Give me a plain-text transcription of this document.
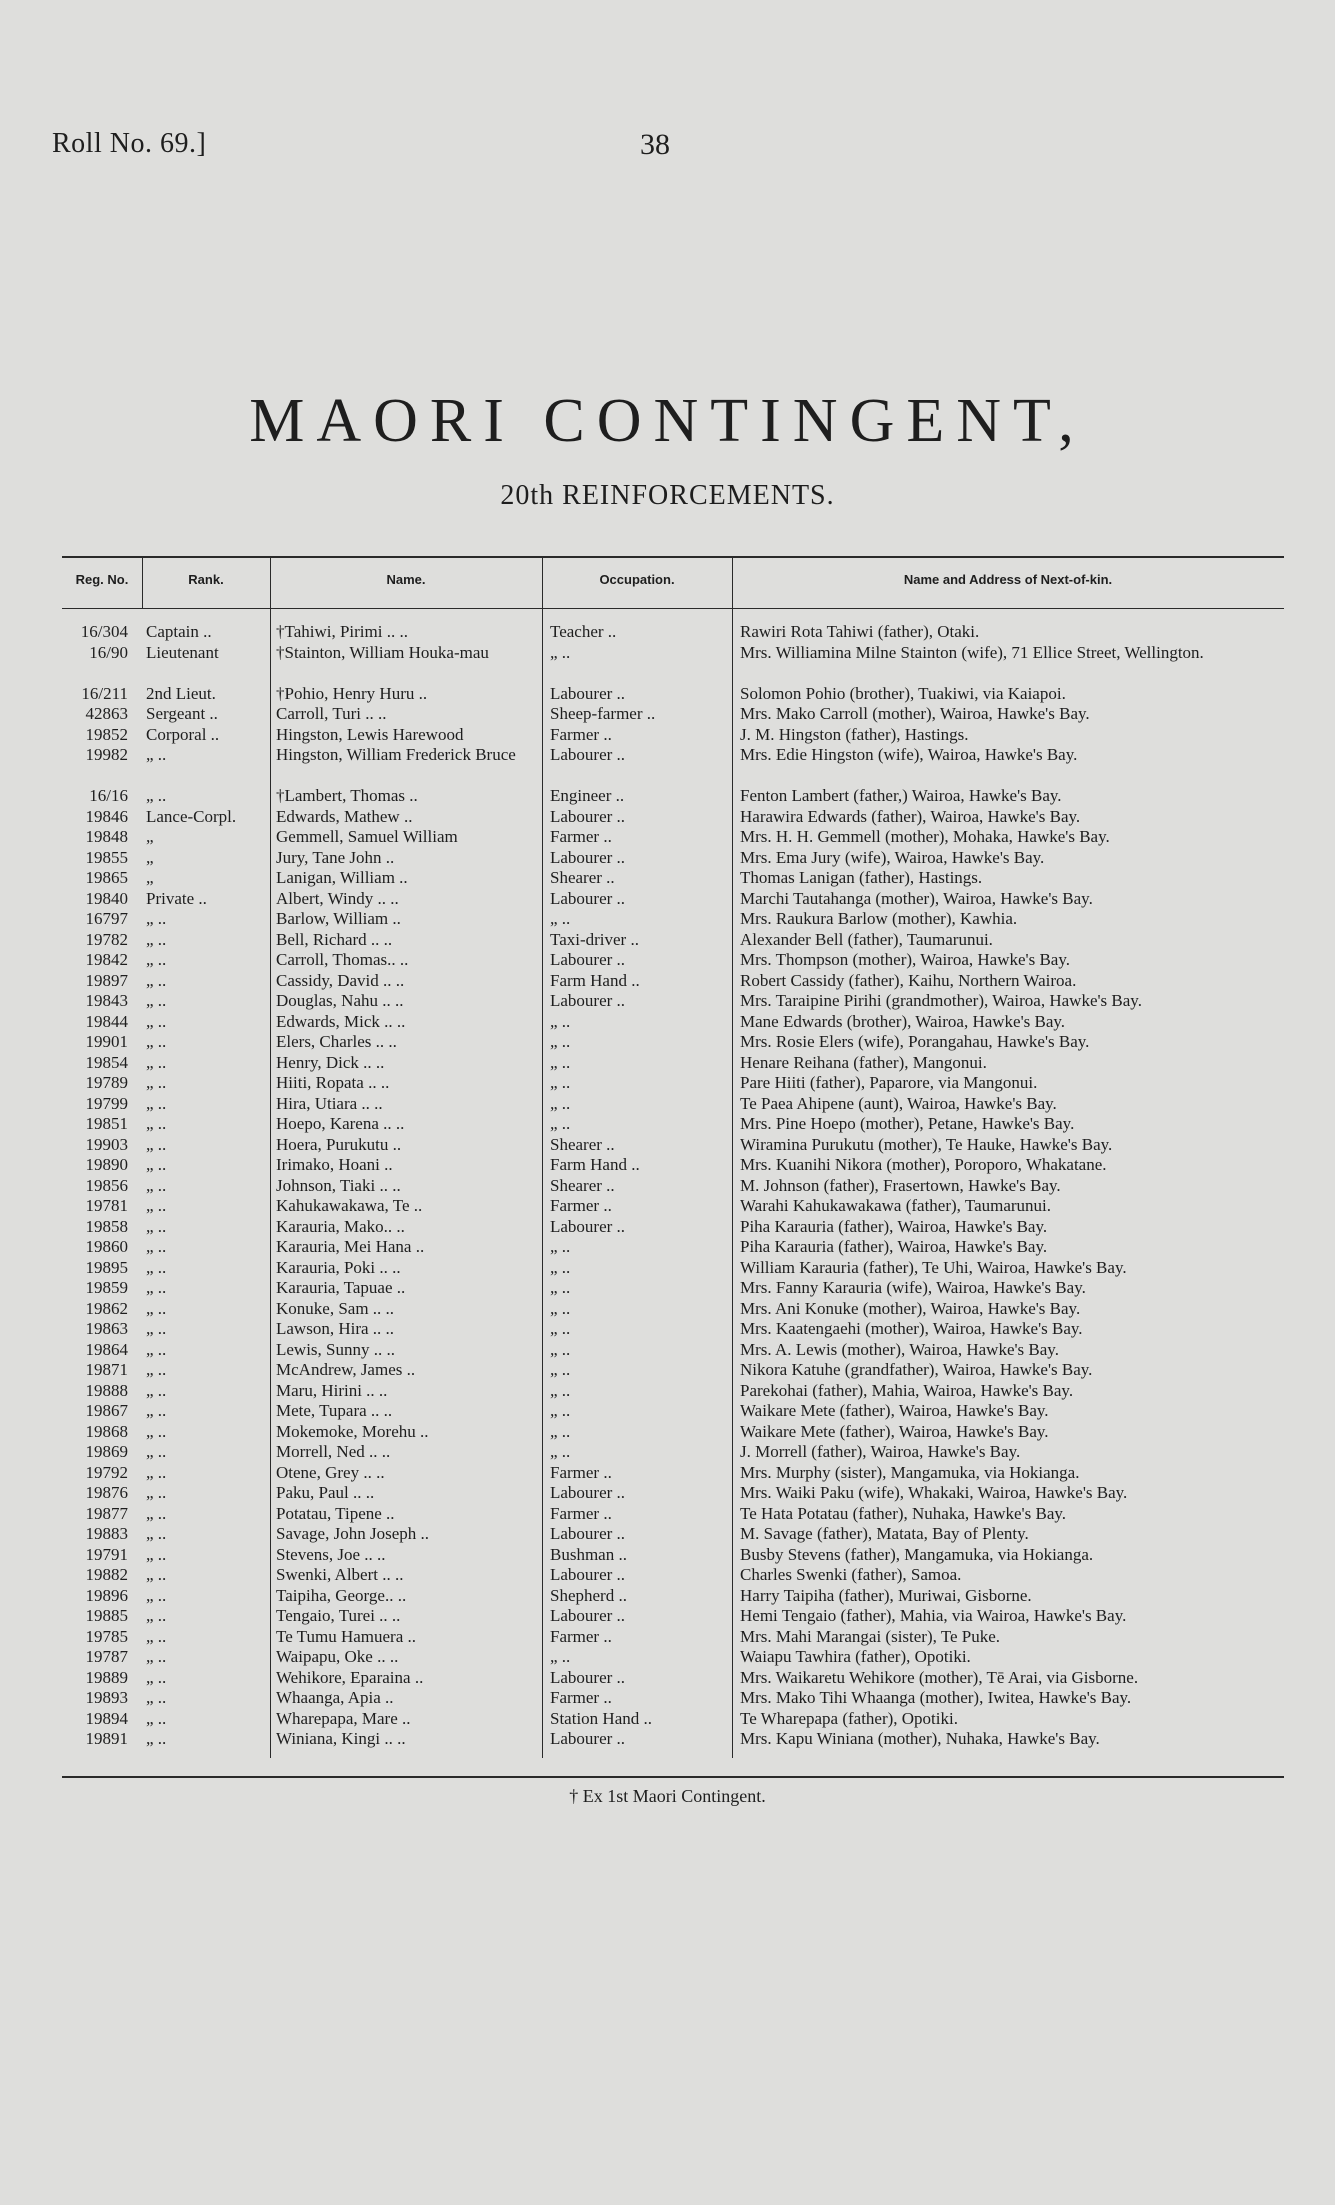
Roll No. 69.]	38
MAORI CONTINGENT,
20th REINFORCEMENTS.
Reg. No.	Rank.	Name.	Occupation.	Name and Address of Next-of-kin.
16/304 Captain ..	†Tahiwi, Pirimi .. ..	Teacher ..	Rawiri Rota Tahiwi (father), Otaki.
16/90 Lieutenant	†Stainton, William Houka-mau	„ ..	Mrs. Williamina Milne Stainton (wife), 71 Ellice Street, Wellington.
16/211 2nd Lieut.	†Pohio, Henry Huru ..	Labourer ..	Solomon Pohio (brother), Tuakiwi, via Kaiapoi.
42863 Sergeant ..	Carroll, Turi .. ..	Sheep-farmer ..	Mrs. Mako Carroll (mother), Wairoa, Hawke's Bay.
19852 Corporal ..	Hingston, Lewis Harewood	Farmer ..	J. M. Hingston (father), Hastings.
19982 „ ..	Hingston, William Frederick Bruce	Labourer ..	Mrs. Edie Hingston (wife), Wairoa, Hawke's Bay.
16/16 „ ..	†Lambert, Thomas ..	Engineer ..	Fenton Lambert (father,) Wairoa, Hawke's Bay.
19846 Lance-Corpl.	Edwards, Mathew ..	Labourer ..	Harawira Edwards (father), Wairoa, Hawke's Bay.
19848 „	Gemmell, Samuel William	Farmer ..	Mrs. H. H. Gemmell (mother), Mohaka, Hawke's Bay.
19855 „	Jury, Tane John ..	Labourer ..	Mrs. Ema Jury (wife), Wairoa, Hawke's Bay.
19865 „	Lanigan, William ..	Shearer ..	Thomas Lanigan (father), Hastings.
19840 Private ..	Albert, Windy .. ..	Labourer ..	Marchi Tautahanga (mother), Wairoa, Hawke's Bay.
16797 „ ..	Barlow, William ..	„ ..	Mrs. Raukura Barlow (mother), Kawhia.
19782 „ ..	Bell, Richard .. ..	Taxi-driver ..	Alexander Bell (father), Taumarunui.
19842 „ ..	Carroll, Thomas.. ..	Labourer ..	Mrs. Thompson (mother), Wairoa, Hawke's Bay.
19897 „ ..	Cassidy, David .. ..	Farm Hand ..	Robert Cassidy (father), Kaihu, Northern Wairoa.
19843 „ ..	Douglas, Nahu .. ..	Labourer ..	Mrs. Taraipine Pirihi (grandmother), Wairoa, Hawke's Bay.
19844 „ ..	Edwards, Mick .. ..	„ ..	Mane Edwards (brother), Wairoa, Hawke's Bay.
19901 „ ..	Elers, Charles .. ..	„ ..	Mrs. Rosie Elers (wife), Porangahau, Hawke's Bay.
19854 „ ..	Henry, Dick .. ..	„ ..	Henare Reihana (father), Mangonui.
19789 „ ..	Hiiti, Ropata .. ..	„ ..	Pare Hiiti (father), Paparore, via Mangonui.
19799 „ ..	Hira, Utiara .. ..	„ ..	Te Paea Ahipene (aunt), Wairoa, Hawke's Bay.
19851 „ ..	Hoepo, Karena .. ..	„ ..	Mrs. Pine Hoepo (mother), Petane, Hawke's Bay.
19903 „ ..	Hoera, Purukutu ..	Shearer ..	Wiramina Purukutu (mother), Te Hauke, Hawke's Bay.
19890 „ ..	Irimako, Hoani ..	Farm Hand ..	Mrs. Kuanihi Nikora (mother), Poroporo, Whakatane.
19856 „ ..	Johnson, Tiaki .. ..	Shearer ..	M. Johnson (father), Frasertown, Hawke's Bay.
19781 „ ..	Kahukawakawa, Te ..	Farmer ..	Warahi Kahukawakawa (father), Taumarunui.
19858 „ ..	Karauria, Mako.. ..	Labourer ..	Piha Karauria (father), Wairoa, Hawke's Bay.
19860 „ ..	Karauria, Mei Hana ..	„ ..	Piha Karauria (father), Wairoa, Hawke's Bay.
19895 „ ..	Karauria, Poki .. ..	„ ..	William Karauria (father), Te Uhi, Wairoa, Hawke's Bay.
19859 „ ..	Karauria, Tapuae ..	„ ..	Mrs. Fanny Karauria (wife), Wairoa, Hawke's Bay.
19862 „ ..	Konuke, Sam .. ..	„ ..	Mrs. Ani Konuke (mother), Wairoa, Hawke's Bay.
19863 „ ..	Lawson, Hira .. ..	„ ..	Mrs. Kaatengaehi (mother), Wairoa, Hawke's Bay.
19864 „ ..	Lewis, Sunny .. ..	„ ..	Mrs. A. Lewis (mother), Wairoa, Hawke's Bay.
19871 „ ..	McAndrew, James ..	„ ..	Nikora Katuhe (grandfather), Wairoa, Hawke's Bay.
19888 „ ..	Maru, Hirini .. ..	„ ..	Parekohai (father), Mahia, Wairoa, Hawke's Bay.
19867 „ ..	Mete, Tupara .. ..	„ ..	Waikare Mete (father), Wairoa, Hawke's Bay.
19868 „ ..	Mokemoke, Morehu ..	„ ..	Waikare Mete (father), Wairoa, Hawke's Bay.
19869 „ ..	Morrell, Ned .. ..	„ ..	J. Morrell (father), Wairoa, Hawke's Bay.
19792 „ ..	Otene, Grey .. ..	Farmer ..	Mrs. Murphy (sister), Mangamuka, via Hokianga.
19876 „ ..	Paku, Paul .. ..	Labourer ..	Mrs. Waiki Paku (wife), Whakaki, Wairoa, Hawke's Bay.
19877 „ ..	Potatau, Tipene ..	Farmer ..	Te Hata Potatau (father), Nuhaka, Hawke's Bay.
19883 „ ..	Savage, John Joseph ..	Labourer ..	M. Savage (father), Matata, Bay of Plenty.
19791 „ ..	Stevens, Joe .. ..	Bushman ..	Busby Stevens (father), Mangamuka, via Hokianga.
19882 „ ..	Swenki, Albert .. ..	Labourer ..	Charles Swenki (father), Samoa.
19896 „ ..	Taipiha, George.. ..	Shepherd ..	Harry Taipiha (father), Muriwai, Gisborne.
19885 „ ..	Tengaio, Turei .. ..	Labourer ..	Hemi Tengaio (father), Mahia, via Wairoa, Hawke's Bay.
19785 „ ..	Te Tumu Hamuera ..	Farmer ..	Mrs. Mahi Marangai (sister), Te Puke.
19787 „ ..	Waipapu, Oke .. ..	„ ..	Waiapu Tawhira (father), Opotiki.
19889 „ ..	Wehikore, Eparaina ..	Labourer ..	Mrs. Waikaretu Wehikore (mother), Tē Arai, via Gisborne.
19893 „ ..	Whaanga, Apia ..	Farmer ..	Mrs. Mako Tihi Whaanga (mother), Iwitea, Hawke's Bay.
19894 „ ..	Wharepapa, Mare ..	Station Hand ..	Te Wharepapa (father), Opotiki.
19891 „ ..	Winiana, Kingi .. ..	Labourer ..	Mrs. Kapu Winiana (mother), Nuhaka, Hawke's Bay.
† Ex 1st Maori Contingent.
